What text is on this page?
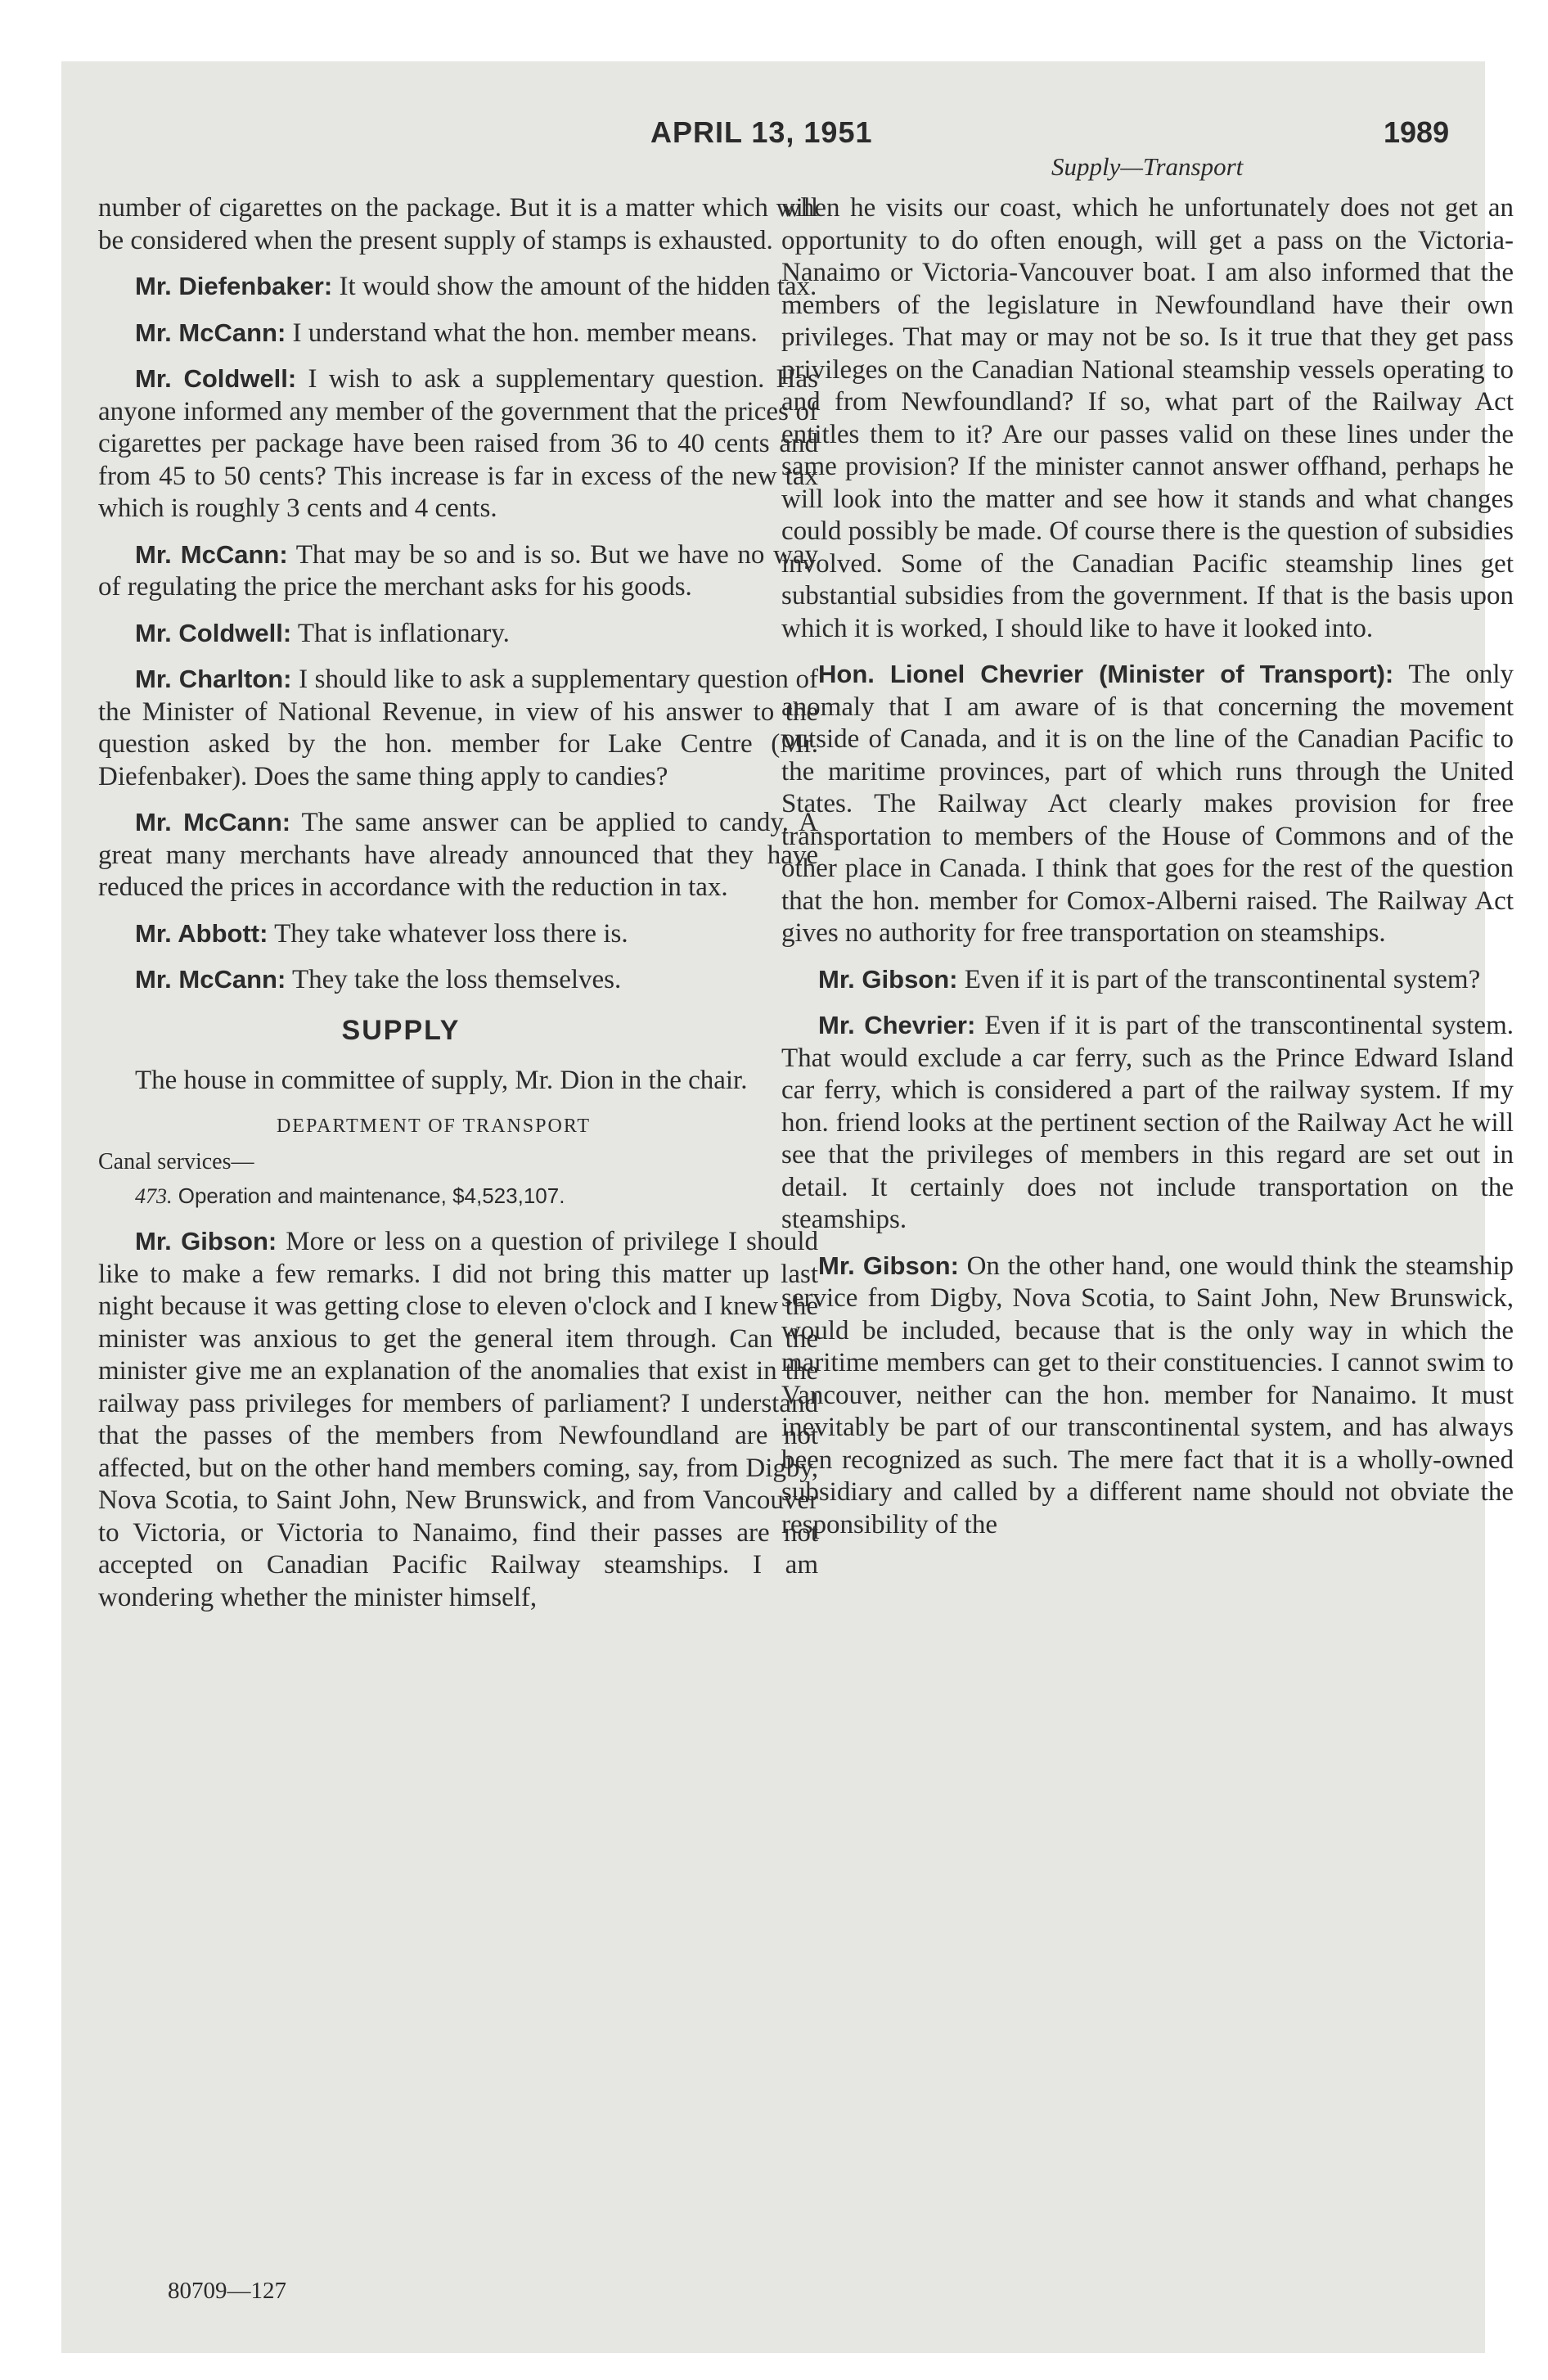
APRIL 13, 1951	1989
Supply—Transport

number of cigarettes on the package. But it is a matter which will be considered when the present supply of stamps is exhausted.

Mr. Diefenbaker: It would show the amount of the hidden tax.

Mr. McCann: I understand what the hon. member means.

Mr. Coldwell: I wish to ask a supplementary question. Has anyone informed any member of the government that the prices of cigarettes per package have been raised from 36 to 40 cents and from 45 to 50 cents? This increase is far in excess of the new tax which is roughly 3 cents and 4 cents.

Mr. McCann: That may be so and is so. But we have no way of regulating the price the merchant asks for his goods.

Mr. Coldwell: That is inflationary.

Mr. Charlton: I should like to ask a supplementary question of the Minister of National Revenue, in view of his answer to the question asked by the hon. member for Lake Centre (Mr. Diefenbaker). Does the same thing apply to candies?

Mr. McCann: The same answer can be applied to candy. A great many merchants have already announced that they have reduced the prices in accordance with the reduction in tax.

Mr. Abbott: They take whatever loss there is.

Mr. McCann: They take the loss themselves.

SUPPLY

The house in committee of supply, Mr. Dion in the chair.

DEPARTMENT OF TRANSPORT
Canal services—
473. Operation and maintenance, $4,523,107.

Mr. Gibson: More or less on a question of privilege I should like to make a few remarks. I did not bring this matter up last night because it was getting close to eleven o'clock and I knew the minister was anxious to get the general item through. Can the minister give me an explanation of the anomalies that exist in the railway pass privileges for members of parliament? I understand that the passes of the members from Newfoundland are not affected, but on the other hand members coming, say, from Digby, Nova Scotia, to Saint John, New Brunswick, and from Vancouver to Victoria, or Victoria to Nanaimo, find their passes are not accepted on Canadian Pacific Railway steamships. I am wondering whether the minister himself,

when he visits our coast, which he unfortunately does not get an opportunity to do often enough, will get a pass on the Victoria-Nanaimo or Victoria-Vancouver boat. I am also informed that the members of the legislature in Newfoundland have their own privileges. That may or may not be so. Is it true that they get pass privileges on the Canadian National steamship vessels operating to and from Newfoundland? If so, what part of the Railway Act entitles them to it? Are our passes valid on these lines under the same provision? If the minister cannot answer offhand, perhaps he will look into the matter and see how it stands and what changes could possibly be made. Of course there is the question of subsidies involved. Some of the Canadian Pacific steamship lines get substantial subsidies from the government. If that is the basis upon which it is worked, I should like to have it looked into.

Hon. Lionel Chevrier (Minister of Transport): The only anomaly that I am aware of is that concerning the movement outside of Canada, and it is on the line of the Canadian Pacific to the maritime provinces, part of which runs through the United States. The Railway Act clearly makes provision for free transportation to members of the House of Commons and of the other place in Canada. I think that goes for the rest of the question that the hon. member for Comox-Alberni raised. The Railway Act gives no authority for free transportation on steamships.

Mr. Gibson: Even if it is part of the transcontinental system?

Mr. Chevrier: Even if it is part of the transcontinental system. That would exclude a car ferry, such as the Prince Edward Island car ferry, which is considered a part of the railway system. If my hon. friend looks at the pertinent section of the Railway Act he will see that the privileges of members in this regard are set out in detail. It certainly does not include transportation on the steamships.

Mr. Gibson: On the other hand, one would think the steamship service from Digby, Nova Scotia, to Saint John, New Brunswick, would be included, because that is the only way in which the maritime members can get to their constituencies. I cannot swim to Vancouver, neither can the hon. member for Nanaimo. It must inevitably be part of our transcontinental system, and has always been recognized as such. The mere fact that it is a wholly-owned subsidiary and called by a different name should not obviate the responsibility of the

80709—127
